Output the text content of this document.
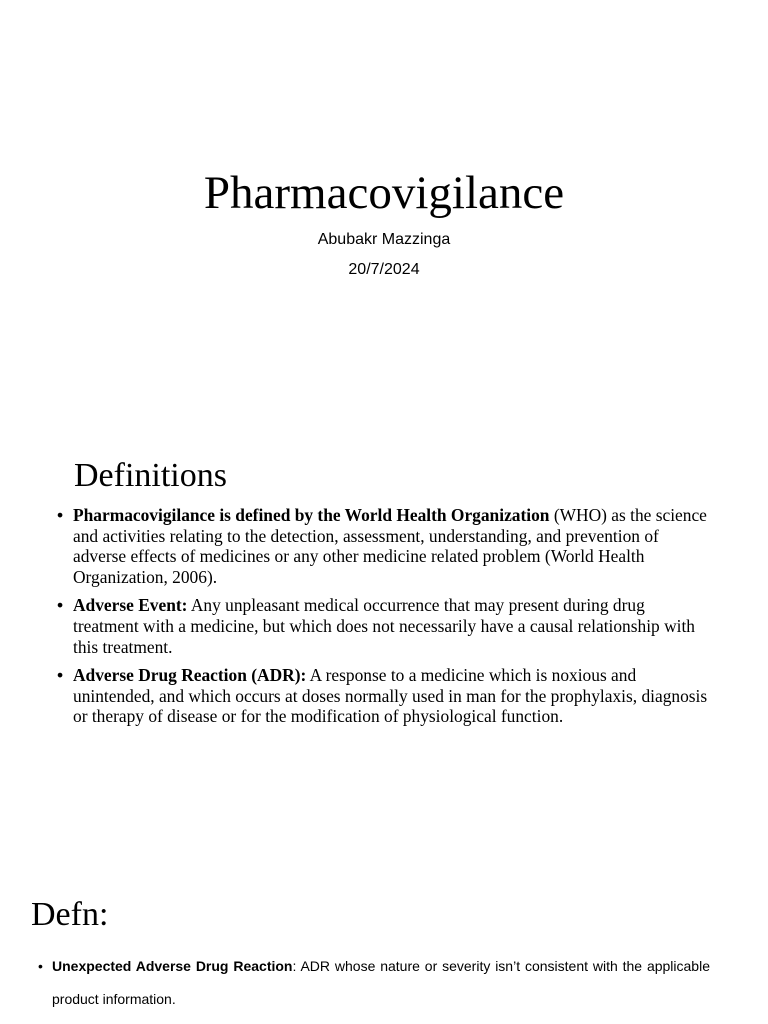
Pharmacovigilance
Abubakr Mazzinga
20/7/2024
Definitions
• Pharmacovigilance is defined by the World Health Organization (WHO) as the science and activities relating to the detection, assessment, understanding, and prevention of adverse effects of medicines or any other medicine related problem (World Health Organization, 2006).
• Adverse Event: Any unpleasant medical occurrence that may present during drug treatment with a medicine, but which does not necessarily have a causal relationship with this treatment.
• Adverse Drug Reaction (ADR): A response to a medicine which is noxious and unintended, and which occurs at doses normally used in man for the prophylaxis, diagnosis or therapy of disease or for the modification of physiological function.
Defn:
• Unexpected Adverse Drug Reaction: ADR whose nature or severity isn’t consistent with the applicable product information.
